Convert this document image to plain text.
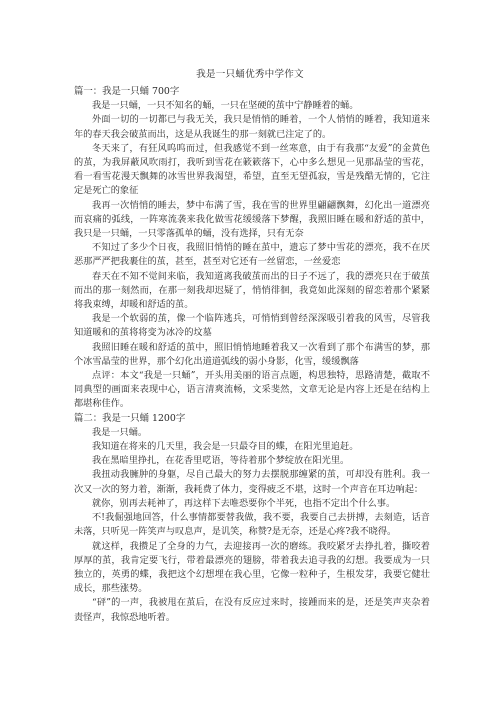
我是一只蛹优秀中学作文

篇一：我是一只蛹 700字

我是一只蛹，一只不知名的蛹，一只在坚硬的茧中宁静睡着的蛹。

外面一切的一切都已与我无关，我只是悄悄的睡着，一个人悄悄的睡着，我知道来年的春天我会破茧而出，这是从我诞生的那一刻就已注定了的。

冬天来了，有狂风呜呜而过，但我感觉不到一丝寒意，由于有我那“友爱”的金黄色的茧，为我屏蔽风吹雨打，我听到雪花在簌簌落下，心中多么想见一见那晶莹的雪花，看一看雪花漫天飘舞的冰雪世界我渴望，希望，直至无望孤寂，雪是残酷无情的，它注定是死亡的象征

我再一次悄悄的睡去，梦中布满了雪，我在雪的世界里翩翩飘舞，幻化出一道漂亮而哀痛的弧线，一阵寒流袭来我化做雪花缓缓落下梦醒，我照旧睡在暖和舒适的茧中，我只是一只蛹，一只零落孤单的蛹，没有选择，只有无奈

不知过了多少个日夜，我照旧悄悄的睡在茧中，遗忘了梦中雪花的漂亮，我不在厌恶那严严把我裹住的茧，甚至，甚至对它还有一丝留恋，一丝爱恋

春天在不知不觉间来临，我知道离我破茧而出的日子不远了，我的漂亮只在于破茧而出的那一刻然而，在那一刻我却迟疑了，悄悄徘徊，我竟如此深刻的留恋着那个紧紧将我束缚，却暖和舒适的茧。

我是一个软弱的茧，像一个临阵逃兵，可悄悄到曾经深深吸引着我的风雪，尽管我知道暖和的茧将将变为冰冷的坟墓

我照旧睡在暖和舒适的茧中，照旧悄悄地睡着我又一次看到了那个布满雪的梦，那个冰雪晶莹的世界，那个幻化出道道弧线的弱小身影，化雪，缓缓飘落

点评：本文“我是一只蛹”，开头用美丽的语言点题，构思独特，思路清楚，截取不同典型的画面来表现中心，语言清爽流畅，文采斐然，文章无论是内容上还是在结构上都堪称佳作。

篇二：我是一只蛹 1200字

我是一只蛹。

我知道在将来的几天里，我会是一只最夺目的蝶，在阳光里追赶。

我在黑暗里挣扎，在花香里呓语，等待着那个梦绽放在阳光里。

我扭动我臃肿的身躯，尽自己最大的努力去摆脱那缠紧的茧，可却没有胜利。我一次又一次的努力着，渐渐，我耗费了体力，变得疲乏不堪，这时一个声音在耳边响起：

就你，别再去耗神了，再这样下去唯恐要你个半死，也指不定出个什么事。

不!我倔强地回答，什么事情都要替我做，我不要，我要自己去拼搏，去刻造，话音未落，只听见一阵笑声与叹息声，是讥笑，称赞?是无奈，还是心疼?我不晓得。

就这样，我攒足了全身的力气，去迎接再一次的磨练。我咬紧牙去挣扎着，撕咬着厚厚的茧，我肯定要飞行，带着最漂亮的翅膀，带着我去追寻我的幻想。我要成为一只独立的，英勇的蝶，我把这个幻想埋在我心里，它像一粒种子，生根发芽，我要它健壮成长，那些涨势。

“砰”的一声，我被甩在茧后，在没有反应过来时，接踵而来的是，还是笑声夹杂着责怪声，我惊恐地听着。
